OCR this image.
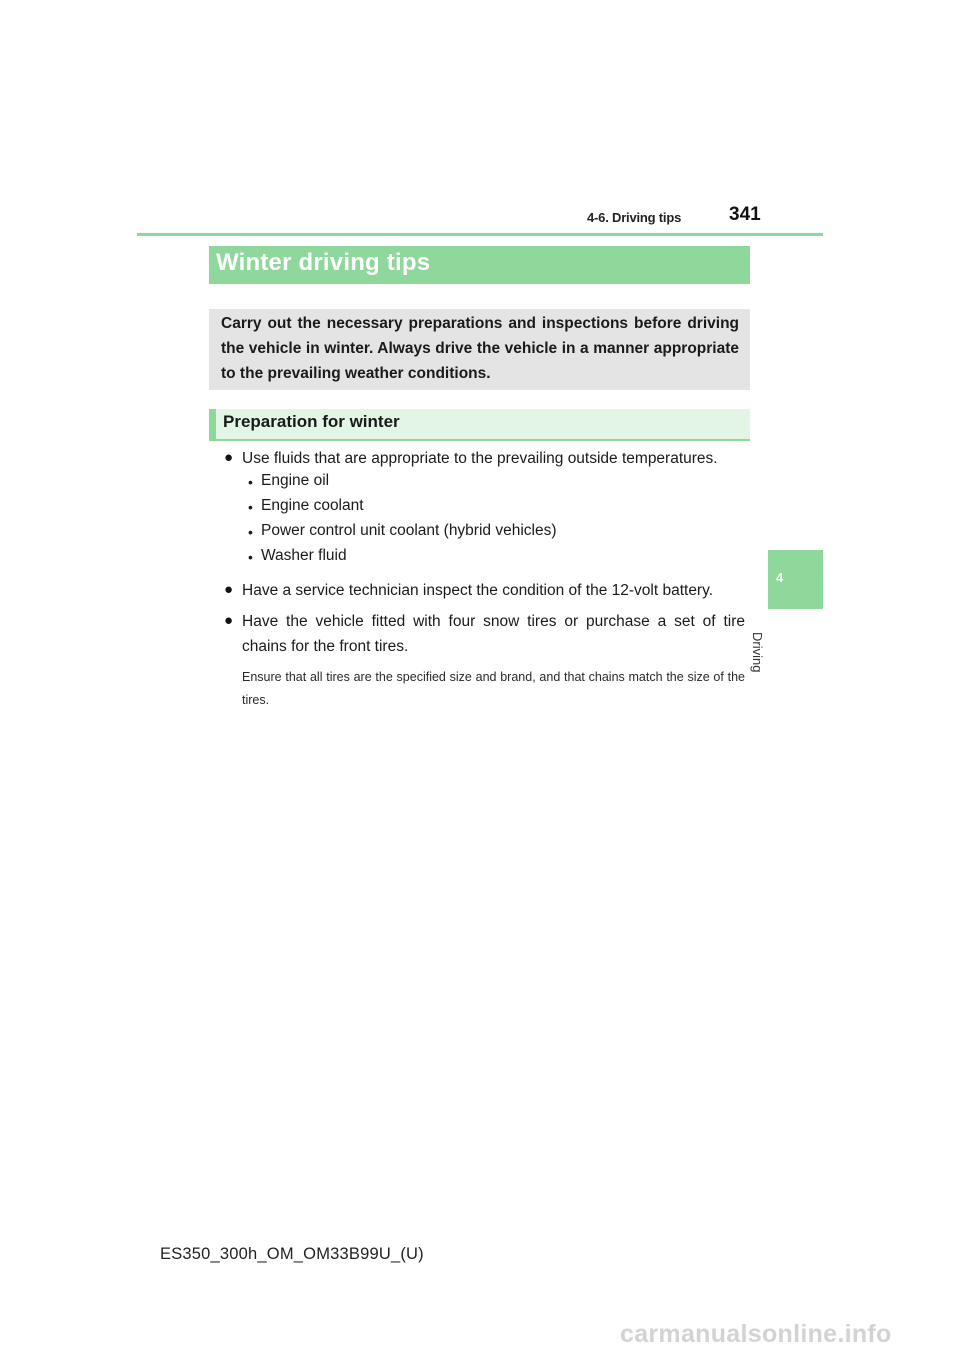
4-6. Driving tips	341
Winter driving tips
Carry out the necessary preparations and inspections before driving the vehicle in winter. Always drive the vehicle in a manner appropriate to the prevailing weather conditions.
Preparation for winter
● Use fluids that are appropriate to the prevailing outside temperatures.
• Engine oil
• Engine coolant
• Power control unit coolant (hybrid vehicles)
• Washer fluid
● Have a service technician inspect the condition of the 12-volt battery.
● Have the vehicle fitted with four snow tires or purchase a set of tire chains for the front tires.
Ensure that all tires are the specified size and brand, and that chains match the size of the tires.
4
Driving
ES350_300h_OM_OM33B99U_(U)
carmanualsonline.info
